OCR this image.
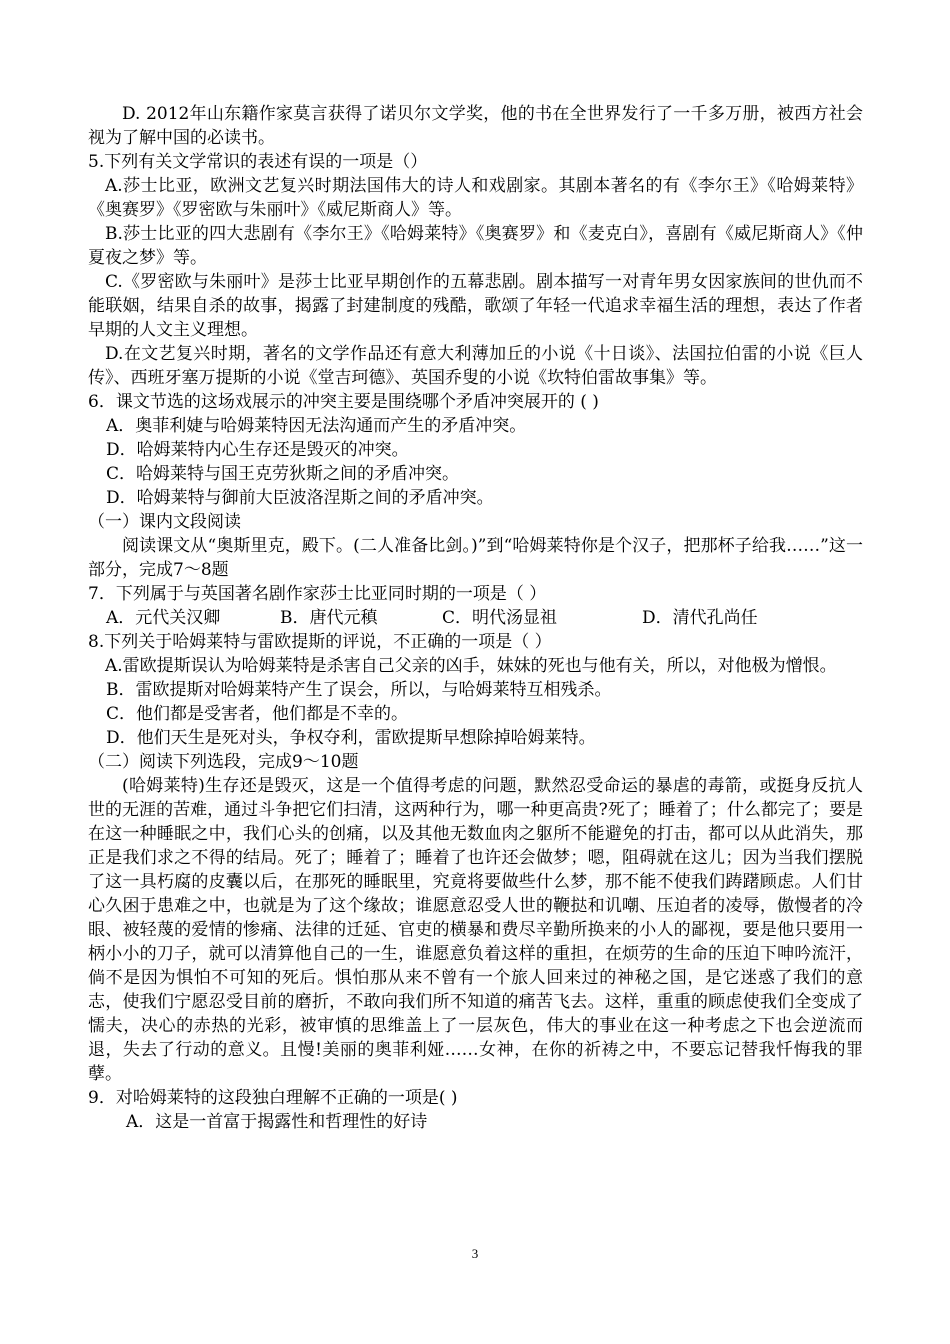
D. 2012年山东籍作家莫言获得了诺贝尔文学奖，他的书在全世界发行了一千多万册，被西方社会视为了解中国的必读书。

5.下列有关文学常识的表述有误的一项是（）

A.莎士比亚，欧洲文艺复兴时期法国伟大的诗人和戏剧家。其剧本著名的有《李尔王》《哈姆莱特》《奥赛罗》《罗密欧与朱丽叶》《威尼斯商人》等。

B.莎士比亚的四大悲剧有《李尔王》《哈姆莱特》《奥赛罗》和《麦克白》，喜剧有《威尼斯商人》《仲夏夜之梦》等。

C.《罗密欧与朱丽叶》是莎士比亚早期创作的五幕悲剧。剧本描写一对青年男女因家族间的世仇而不能联姻，结果自杀的故事，揭露了封建制度的残酷，歌颂了年轻一代追求幸福生活的理想，表达了作者早期的人文主义理想。

D.在文艺复兴时期，著名的文学作品还有意大利薄加丘的小说《十日谈》、法国拉伯雷的小说《巨人传》、西班牙塞万提斯的小说《堂吉珂德》、英国乔叟的小说《坎特伯雷故事集》等。

6．课文节选的这场戏展示的冲突主要是围绕哪个矛盾冲突展开的 ( )

A．奥菲利婕与哈姆莱特因无法沟通而产生的矛盾冲突。

D．哈姆莱特内心生存还是毁灭的冲突。

C．哈姆莱特与国王克劳狄斯之间的矛盾冲突。

D．哈姆莱特与御前大臣波洛涅斯之间的矛盾冲突。

（一）课内文段阅读

阅读课文从“奥斯里克，殿下。(二人准备比剑。)”到“哈姆莱特你是个汉子，把那杯子给我……”这一部分，完成7～8题

7．下列属于与英国著名剧作家莎士比亚同时期的一项是（ ）

A．元代关汉卿	B．唐代元稹	C．明代汤显祖	D．清代孔尚任

8.下列关于哈姆莱特与雷欧提斯的评说，不正确的一项是（ ）

A.雷欧提斯误认为哈姆莱特是杀害自己父亲的凶手，妹妹的死也与他有关，所以，对他极为憎恨。

B．雷欧提斯对哈姆莱特产生了误会，所以，与哈姆莱特互相残杀。

C．他们都是受害者，他们都是不幸的。

D．他们天生是死对头，争权夺利，雷欧提斯早想除掉哈姆莱特。

（二）阅读下列选段，完成9～10题

(哈姆莱特)生存还是毁灭，这是一个值得考虑的问题，默然忍受命运的暴虐的毒箭，或挺身反抗人世的无涯的苦难，通过斗争把它们扫清，这两种行为，哪一种更高贵?死了；睡着了；什么都完了；要是在这一种睡眠之中，我们心头的创痛，以及其他无数血肉之躯所不能避免的打击，都可以从此消失，那正是我们求之不得的结局。死了；睡着了；睡着了也许还会做梦；嗯，阻碍就在这儿；因为当我们摆脱了这一具朽腐的皮囊以后，在那死的睡眠里，究竟将要做些什么梦，那不能不使我们踌躇顾虑。人们甘心久困于患难之中，也就是为了这个缘故；谁愿意忍受人世的鞭挞和讥嘲、压迫者的凌辱，傲慢者的冷眼、被轻蔑的爱情的惨痛、法律的迁延、官吏的横暴和费尽辛勤所换来的小人的鄙视，要是他只要用一柄小小的刀子，就可以清算他自己的一生，谁愿意负着这样的重担，在烦劳的生命的压迫下呻吟流汗，倘不是因为惧怕不可知的死后。惧怕那从来不曾有一个旅人回来过的神秘之国，是它迷惑了我们的意志，使我们宁愿忍受目前的磨折，不敢向我们所不知道的痛苦飞去。这样，重重的顾虑使我们全变成了懦夫，决心的赤热的光彩，被审慎的思维盖上了一层灰色，伟大的事业在这一种考虑之下也会逆流而退，失去了行动的意义。且慢!美丽的奥菲利娅……女神，在你的祈祷之中，不要忘记替我忏悔我的罪孽。

9．对哈姆莱特的这段独白理解不正确的一项是( )

A．这是一首富于揭露性和哲理性的好诗

3
